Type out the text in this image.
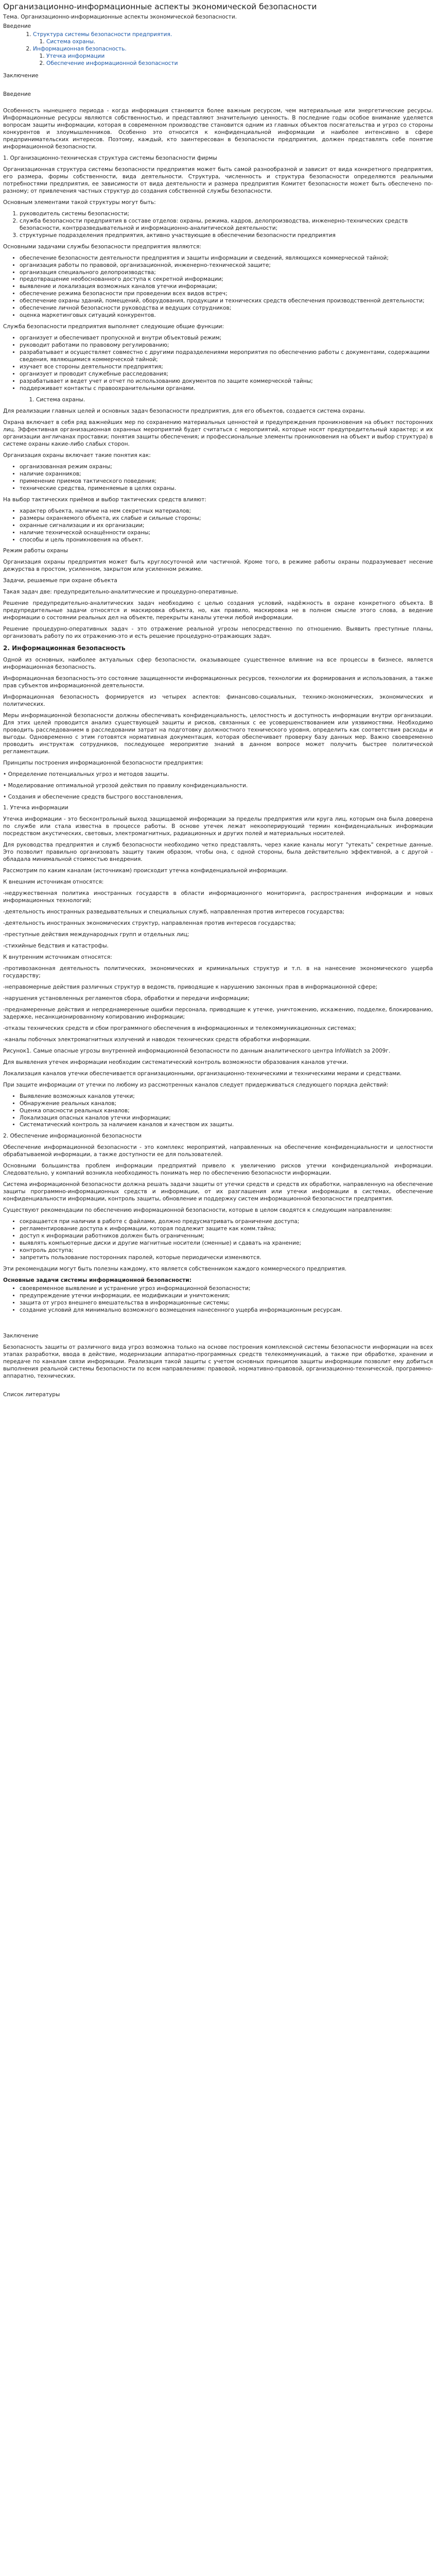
Организационно-информационные аспекты экономической безопасности

Тема. Организационно-информационные аспекты экономической безопасности.

Введение
1. Структура системы безопасности предприятия.
1. Система охраны.
2. Информационная безопасность.
1. Утечка информации
2. Обеспечение информационной безопасности

Заключение

Введение

Особенность нынешнего периода - когда информация становится более важным ресурсом, чем материальные или энергетические ресурсы. Информационные ресурсы являются собственностью, и представляют значительную ценность. В последние годы особое внимание уделяется вопросам защиты информации, которая в современном производстве становится одним из главных объектов посягательства и угроз со стороны конкурентов и злоумышленников. Особенно это относится к конфиденциальной информации и наиболее интенсивно в сфере предпринимательских интересов. Поэтому, каждый, кто заинтересован в безопасности предприятия, должен представлять себе понятие информационной безопасности.

1. Организационно-техническая структура системы безопасности фирмы

Организационная структура системы безопасности предприятия может быть самой разнообразной и зависит от вида конкретного предприятия, его размера, формы собственности, вида деятельности. Структура, численность и структура безопасности определяются реальными потребностями предприятия, ее зависимости от вида деятельности и размера предприятия Комитет безопасности может быть обеспечено по-разному; от привлечения частных структур до создания собственной службы безопасности.

Основным элементами такой структуры могут быть:

1. руководитель системы безопасности;
2. служба безопасности предприятия в составе отделов: охраны, режима, кадров, делопроизводства, инженерно-технических средств безопасности, контрразведывательной и информационно-аналитической деятельности;
3. структурные подразделения предприятия, активно участвующие в обеспечении безопасности предприятия

Основными задачами службы безопасности предприятия являются:

• обеспечение безопасности деятельности предприятия и защиты информации и сведений, являющихся коммерческой тайной;
• организация работы по правовой, организационной, инженерно-технической защите;
• организация специального делопроизводства;
• предотвращение необоснованного доступа к секретной информации;
• выявление и локализация возможных каналов утечки информации;
• обеспечение режима безопасности при проведении всех видов встреч;
• обеспечение охраны зданий, помещений, оборудования, продукции и технических средств обеспечения производственной деятельности;
• обеспечение личной безопасности руководства и ведущих сотрудников;
• оценка маркетинговых ситуаций конкурентов.

Служба безопасности предприятия выполняет следующие общие функции:

• организует и обеспечивает пропускной и внутри объектовый режим;
• руководит работами по правовому регулированию;
• разрабатывает и осуществляет совместно с другими подразделениями мероприятия по обеспечению работы с документами, содержащими сведения, являющимися коммерческой тайной;
• изучает все стороны деятельности предприятия;
• организует и проводит служебные расследования;
• разрабатывает и ведет учет и отчет по использованию документов по защите коммерческой тайны;
• поддерживает контакты с правоохранительными органами.
1. Система охраны.

Для реализации главных целей и основных задач безопасности предприятия, для его объектов, создается система охраны.

Охрана включает в себя ряд важнейших мер по сохранению материальных ценностей и предупреждения проникновения на объект посторонних лиц. Эффективная организационная охранных мероприятий будет считаться с мероприятий, которые носят предупредительный характер; и их организации англичанах проставки; понятия защиты обеспечения; и профессиональные элементы проникновения на объект и выбор структура) в системе охраны какие-либо слабых сторон.

Организация охраны включает такие понятия как:

• организованная режим охраны;
• наличие охранников;
• применение приемов тактического поведения;
• технические средства, применяемые в целях охраны.

На выбор тактических приёмов и выбор тактических средств влияют:

• характер объекта, наличие на нем секретных материалов;
• размеры охраняемого объекта, их слабые и сильные стороны;
• охранные сигнализации и их организации;
• наличие технической оснащённости охраны;
• способы и цель проникновения на объект.

Режим работы охраны

Организация охраны предприятия может быть круглосуточной или частичной. Кроме того, в режиме работы охраны подразумевает несение дежурства в простом, усиленном, закрытом или усиленном режиме.

Задачи, решаемые при охране объекта

Такая задач две: предупредительно-аналитические и процедурно-оперативные.

Решение предупредительно-аналитических задач необходимо с целью создания условий, надёжность в охране конкретного объекта. В предупредительные задачи относятся и маскировка объекта, но, как правило, маскировка не в полном смысле этого слова, а ведение информации о состоянии реальных дел на объекте, перекрыты каналы утечки любой информации.

Решение процедурно-оперативных задач - это отражение реальной угрозы непосредственно по отношению. Выявить преступные планы, организовать работу по их отражению-это и есть решение процедурно-отражающих задач.

2. Информационная безопасность

Одной из основных, наиболее актуальных сфер безопасности, оказывающее существенное влияние на все процессы в бизнесе, является информационная безопасность.

Информационная безопасность-это состояние защищенности информационных ресурсов, технологии их формирования и использования, а также прав субъектов информационной деятельности.

Информационная безопасность формируется из четырех аспектов: финансово-социальных, технико-экономических, экономических и политических.

Меры информационной безопасности должны обеспечивать конфиденциальность, целостность и доступность информации внутри организации. Для этих целей проводится анализ существующей защиты и рисков, связанных с ее усовершенствованием или уязвимостями. Необходимо проводить расследованием в расследовании затрат на подготовку должностного технического уровня, определить как соответствия расходы и выгоды. Одновременно с этим готовятся нормативная документация, которая обеспечивает проверку базу данных мер. Важно своевременно проводить инструктаж сотрудников, последующее мероприятие знаний в данном вопросе может получить быстрее политической регламентации.

Принципы построения информационной безопасности предприятия:

• Определение потенциальных угроз и методов защиты.

• Моделирование оптимальной угрозой действия по правилу конфиденциальности.

• Создания и обеспечение средств быстрого восстановления,

1. Утечка информации

Утечка информации - это бесконтрольный выход защищаемой информации за пределы предприятия или круга лиц, которым она была доверена по службе или стала известна в процессе работы. В основе утечек лежат некооперирующий термин конфиденциальных информации посредством акустических, световых, электромагнитных, радиационных и других полей и материальных носителей.

Для руководства предприятия и служб безопасности необходимо четко представлять, через какие каналы могут "утекать" секретные данные. Это позволит правильно организовать защиту таким образом, чтобы она, с одной стороны, была действительно эффективной, а с другой - обладала минимальной стоимостью внедрения.

Рассмотрим по каким каналам (источникам) происходит утечка конфиденциальной информации.

К внешним источникам относятся:

-недружественная политика иностранных государств в области информационного мониторинга, распространения информации и новых информационных технологий;

-деятельность иностранных разведывательных и специальных служб, направленная против интересов государства;

-деятельность иностранных экономических структур, направленная против интересов государства;

-преступные действия международных групп и отдельных лиц;

-стихийные бедствия и катастрофы.

К внутренним источникам относятся:

-противозаконная деятельность политических, экономических и криминальных структур и т.п. в на нанесение экономического ущерба государству;

-неправомерные действия различных структур в ведомств, приводящие к нарушению законных прав в информационной сфере;

-нарушения установленных регламентов сбора, обработки и передачи информации;

-преднамеренные действия и непреднамеренные ошибки персонала, приводящие к утечке, уничтожению, искажению, подделке, блокированию, задержке, несанкционированному копированию информации;

-отказы технических средств и сбои программного обеспечения в информационных и телекоммуникационных системах;

-каналы побочных электромагнитных излучений и наводок технических средств обработки информации.

Рисунок1. Самые опасные угрозы внутренней информационной безопасности по данным аналитического центра InfoWatch за 2009г.

Для выявления утечек информации необходим систематический контроль возможности образования каналов утечки.

Локализация каналов утечки обеспечивается организационными, организационно-техническими и техническими мерами и средствами.

При защите информации от утечки по любому из рассмотренных каналов следует придерживаться следующего порядка действий:

• Выявление возможных каналов утечки;
• Обнаружение реальных каналов;
• Оценка опасности реальных каналов;
• Локализация опасных каналов утечки информации;
• Систематический контроль за наличием каналов и качеством их защиты.

2. Обеспечение информационной безопасности

Обеспечение информационной безопасности - это комплекс мероприятий, направленных на обеспечение конфиденциальности и целостности обрабатываемой информации, а также доступности ее для пользователей.

Основными большинства проблем информации предприятий привело к увеличению рисков утечки конфиденциальной информации. Следовательно, у компаний возникла необходимость понимать мер по обеспечению безопасности информации.

Система информационной безопасности должна решать задачи защиты от утечки средств и средств их обработки, направленную на обеспечение защиты программно-информационных средств и информации, от их разглашения или утечки информации в системах, обеспечение конфиденциальности информации, контроль защиты, обновление и поддержку систем информационной безопасности предприятия.

Существуют рекомендации по обеспечению информационной безопасности, которые в целом сводятся к следующим направлениям:

• сокращается при наличии в работе с файлами, должно предусматривать ограничение доступа;
• регламентирование доступа к информации, которая подлежит защите как комм.тайна;
• доступ к информации работников должен быть ограниченным;
• выявлять компьютерные диски и другие магнитные носители (сменные) и сдавать на хранение;
• контроль доступа;
• запретить пользование посторонних паролей, которые периодически изменяются.

Эти рекомендации могут быть полезны каждому, кто является собственником каждого коммерческого предприятия.

Основные задачи системы информационной безопасности:

• своевременное выявление и устранение угроз информационной безопасности;
• предупреждение утечки информации, ее модификации и уничтожения;
• защита от угроз внешнего вмешательства в информационные системы;
• создание условий для минимально возможного возмещения нанесенного ущерба информационным ресурсам.

Заключение

Безопасность защиты от различного вида угроз возможна только на основе построения комплексной системы безопасности информации на всех этапах разработки, ввода в действие, модернизации аппаратно-программных средств телекоммуникаций, а также при обработке, хранении и передаче по каналам связи информации. Реализация такой защиты с учетом основных принципов защиты информации позволит ему добиться выполнения реальной системы безопасности по всем направлениям: правовой, нормативно-правовой, организационно-технической, программно-аппаратно, технических.

Список литературы
